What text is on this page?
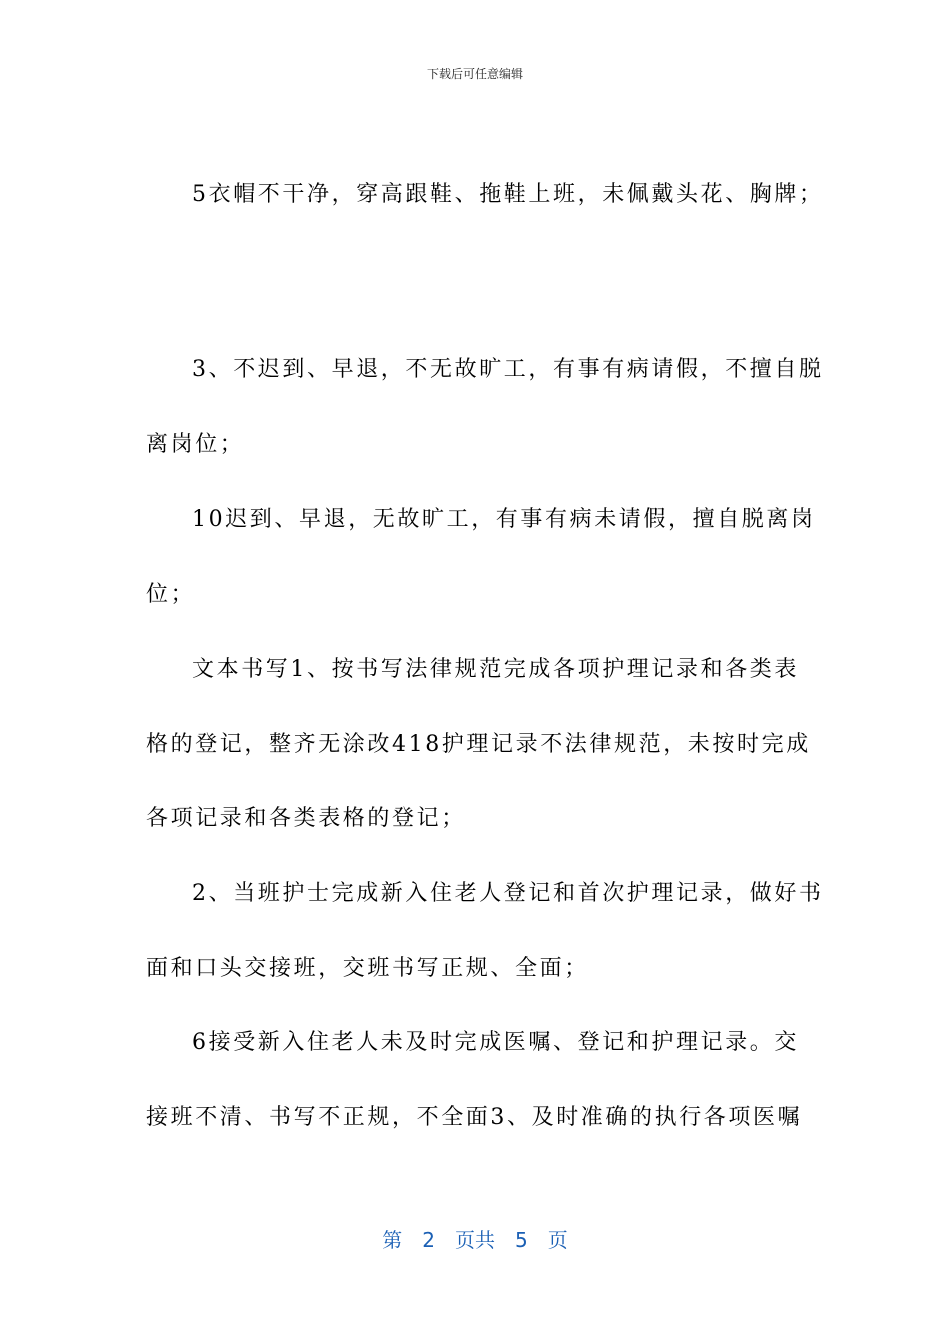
下载后可任意编辑
5衣帽不干净，穿高跟鞋、拖鞋上班，未佩戴头花、胸牌；
3、不迟到、早退，不无故旷工，有事有病请假，不擅自脱
离岗位；
10迟到、早退，无故旷工，有事有病未请假，擅自脱离岗
位；
文本书写1、按书写法律规范完成各项护理记录和各类表
格的登记，整齐无涂改418护理记录不法律规范，未按时完成
各项记录和各类表格的登记；
2、当班护士完成新入住老人登记和首次护理记录，做好书
面和口头交接班，交班书写正规、全面；
6接受新入住老人未及时完成医嘱、登记和护理记录。交
接班不清、书写不正规，不全面3、及时准确的执行各项医嘱
第 2 页共 5 页
